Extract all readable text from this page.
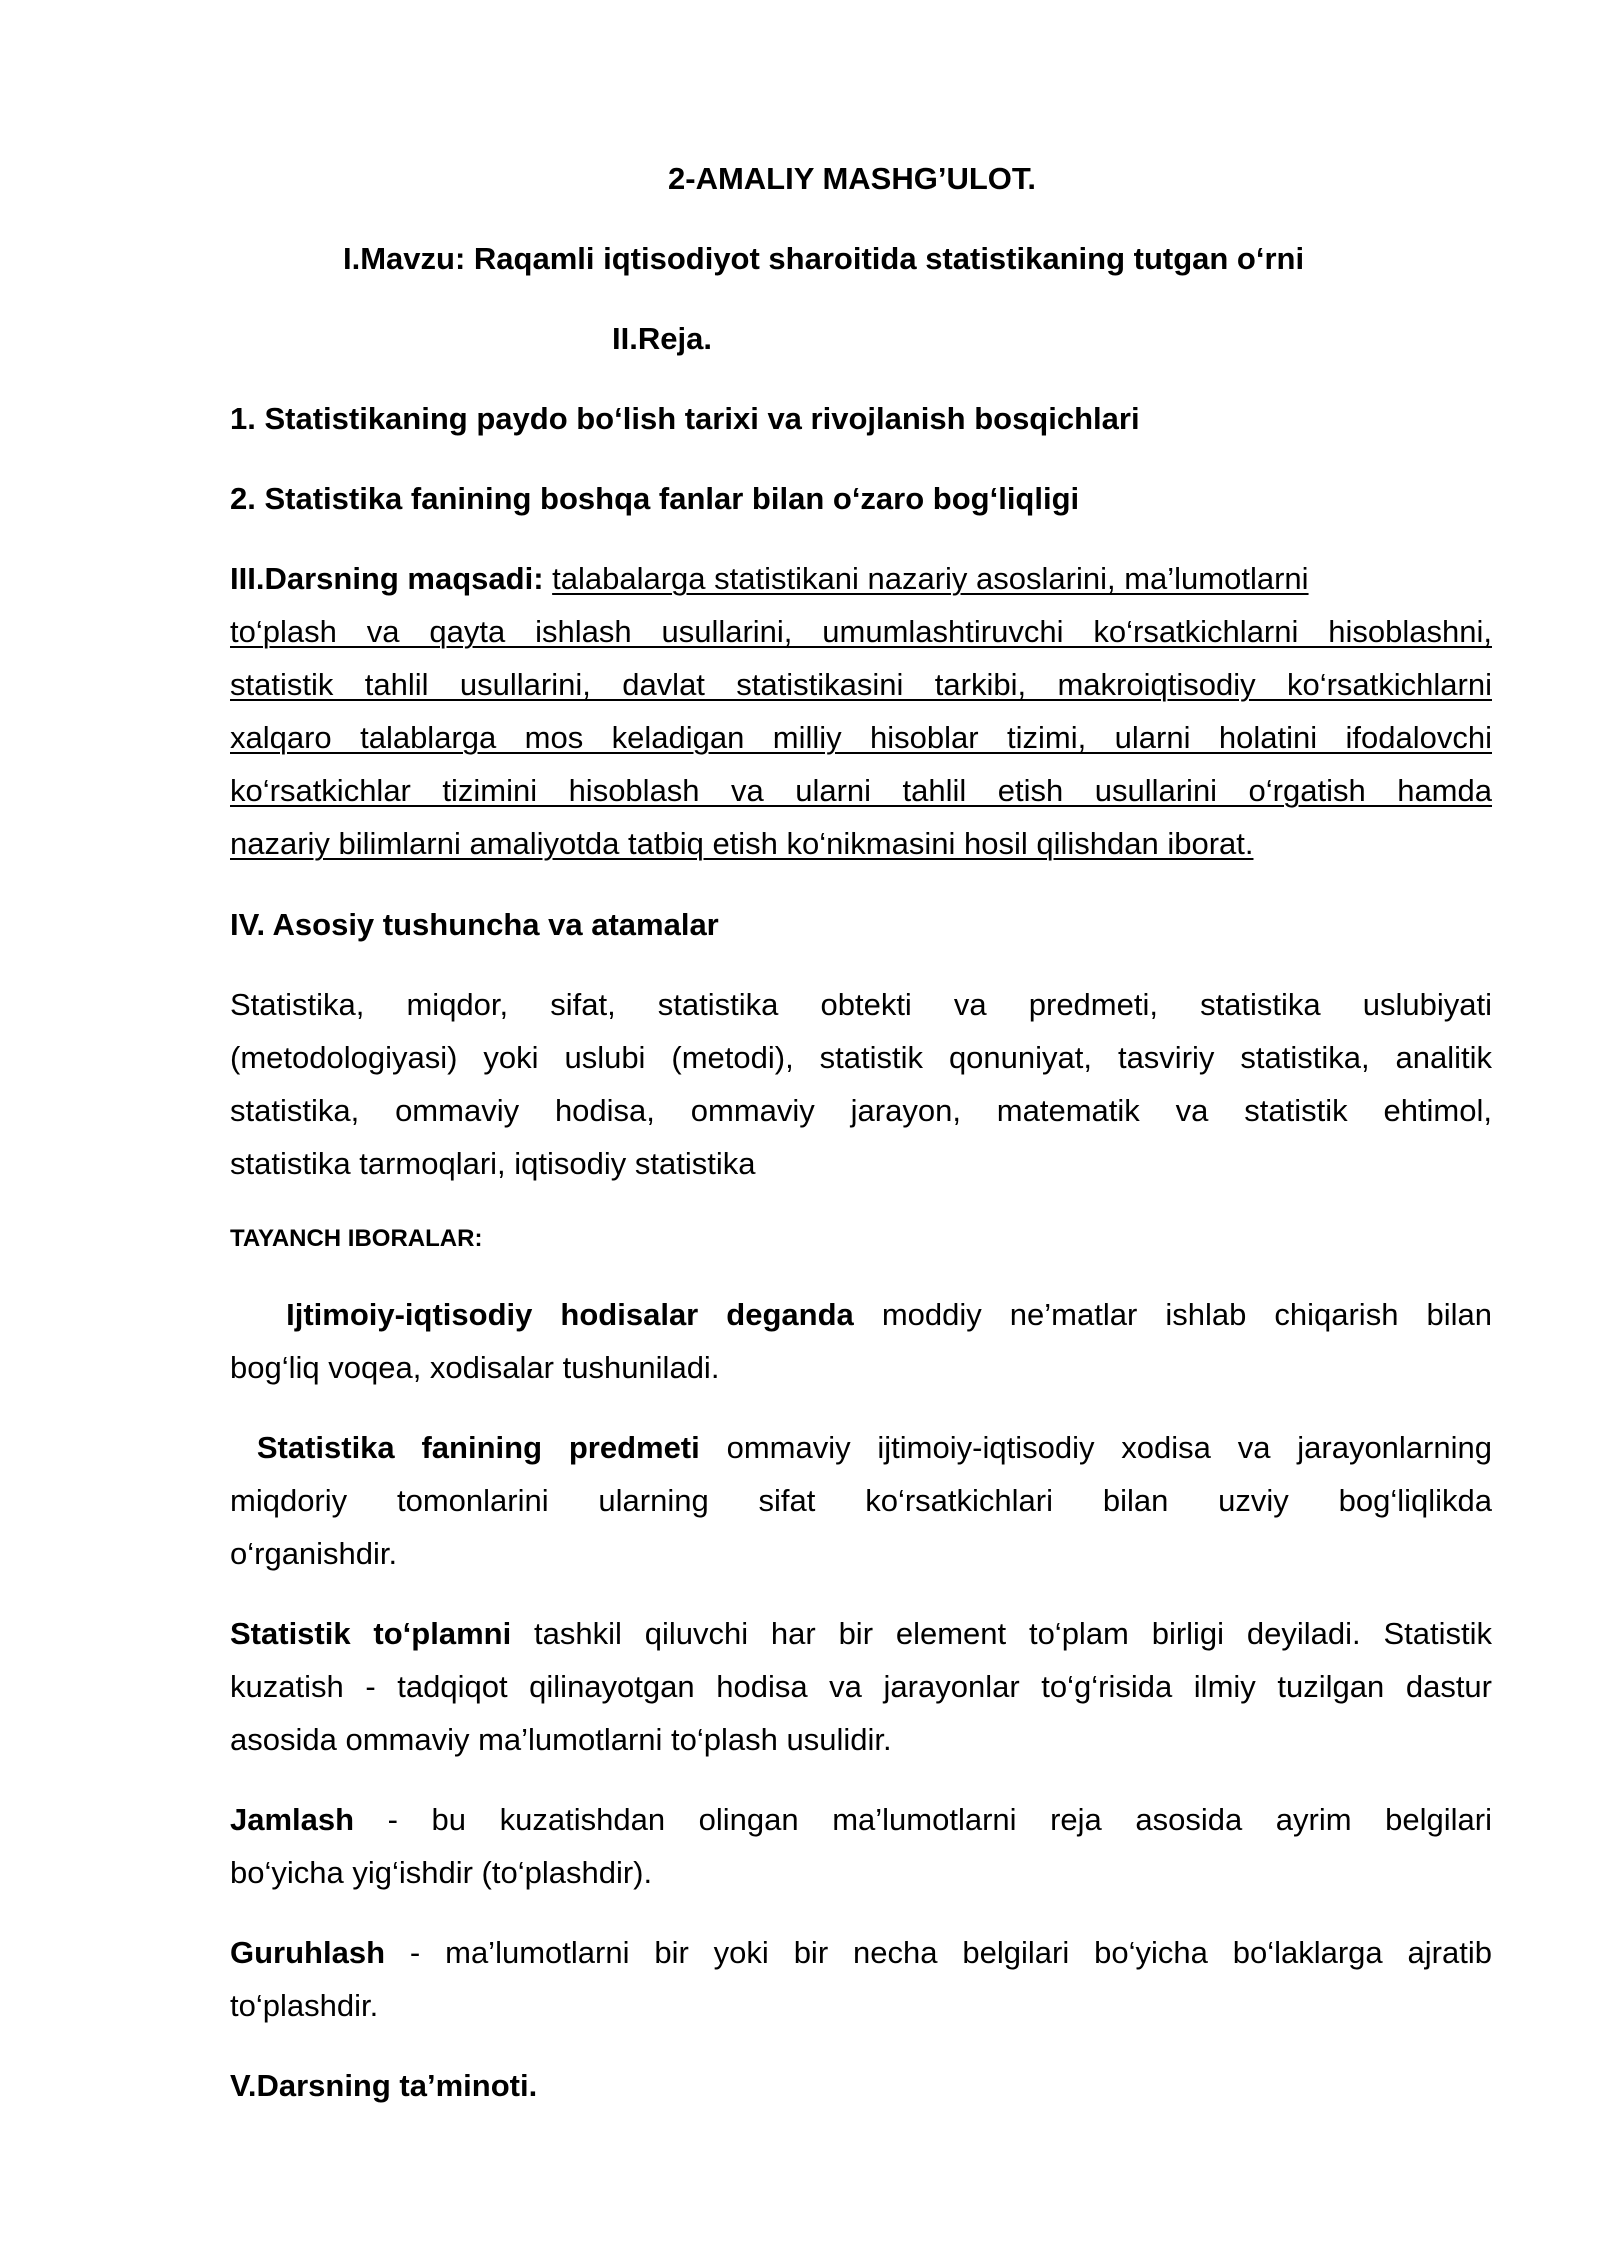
2-AMALIY MASHG’ULOT.
I.Mavzu: Raqamli iqtisodiyot sharoitida statistikaning tutgan o‘rni
II.Reja.
1. Statistikaning paydo bo‘lish tarixi va rivojlanish bosqichlari
2. Statistika fanining boshqa fanlar bilan o‘zaro bog‘liqligi
III.Darsning maqsadi: talabalarga statistikani nazariy asoslarini, ma’lumotlarni
to‘plash va qayta ishlash usullarini, umumlashtiruvchi ko‘rsatkichlarni hisoblashni,
statistik tahlil usullarini, davlat statistikasini tarkibi, makroiqtisodiy ko‘rsatkichlarni
xalqaro talablarga mos keladigan milliy hisoblar tizimi, ularni holatini ifodalovchi
ko‘rsatkichlar tizimini hisoblash va ularni tahlil etish usullarini o‘rgatish hamda
nazariy bilimlarni amaliyotda tatbiq etish ko‘nikmasini hosil qilishdan iborat.
IV. Asosiy tushuncha va atamalar
Statistika, miqdor, sifat, statistika obtekti va predmeti, statistika uslubiyati
(metodologiyasi) yoki uslubi (metodi), statistik qonuniyat, tasviriy statistika, analitik
statistika, ommaviy hodisa, ommaviy jarayon, matematik va statistik ehtimol,
statistika tarmoqlari, iqtisodiy statistika
TAYANCH IBORALAR:
Ijtimoiy-iqtisodiy hodisalar deganda moddiy ne’matlar ishlab chiqarish bilan
bog‘liq voqea, xodisalar tushuniladi.
Statistika fanining predmeti ommaviy ijtimoiy-iqtisodiy xodisa va jarayonlarning
miqdoriy tomonlarini ularning sifat ko‘rsatkichlari bilan uzviy bog‘liqlikda
o‘rganishdir.
Statistik to‘plamni tashkil qiluvchi har bir element to‘plam birligi deyiladi. Statistik
kuzatish - tadqiqot qilinayotgan hodisa va jarayonlar to‘g‘risida ilmiy tuzilgan dastur
asosida ommaviy ma’lumotlarni to‘plash usulidir.
Jamlash - bu kuzatishdan olingan ma’lumotlarni reja asosida ayrim belgilari
bo‘yicha yig‘ishdir (to‘plashdir).
Guruhlash - ma’lumotlarni bir yoki bir necha belgilari bo‘yicha bo‘laklarga ajratib
to‘plashdir.
V.Darsning ta’minoti.
